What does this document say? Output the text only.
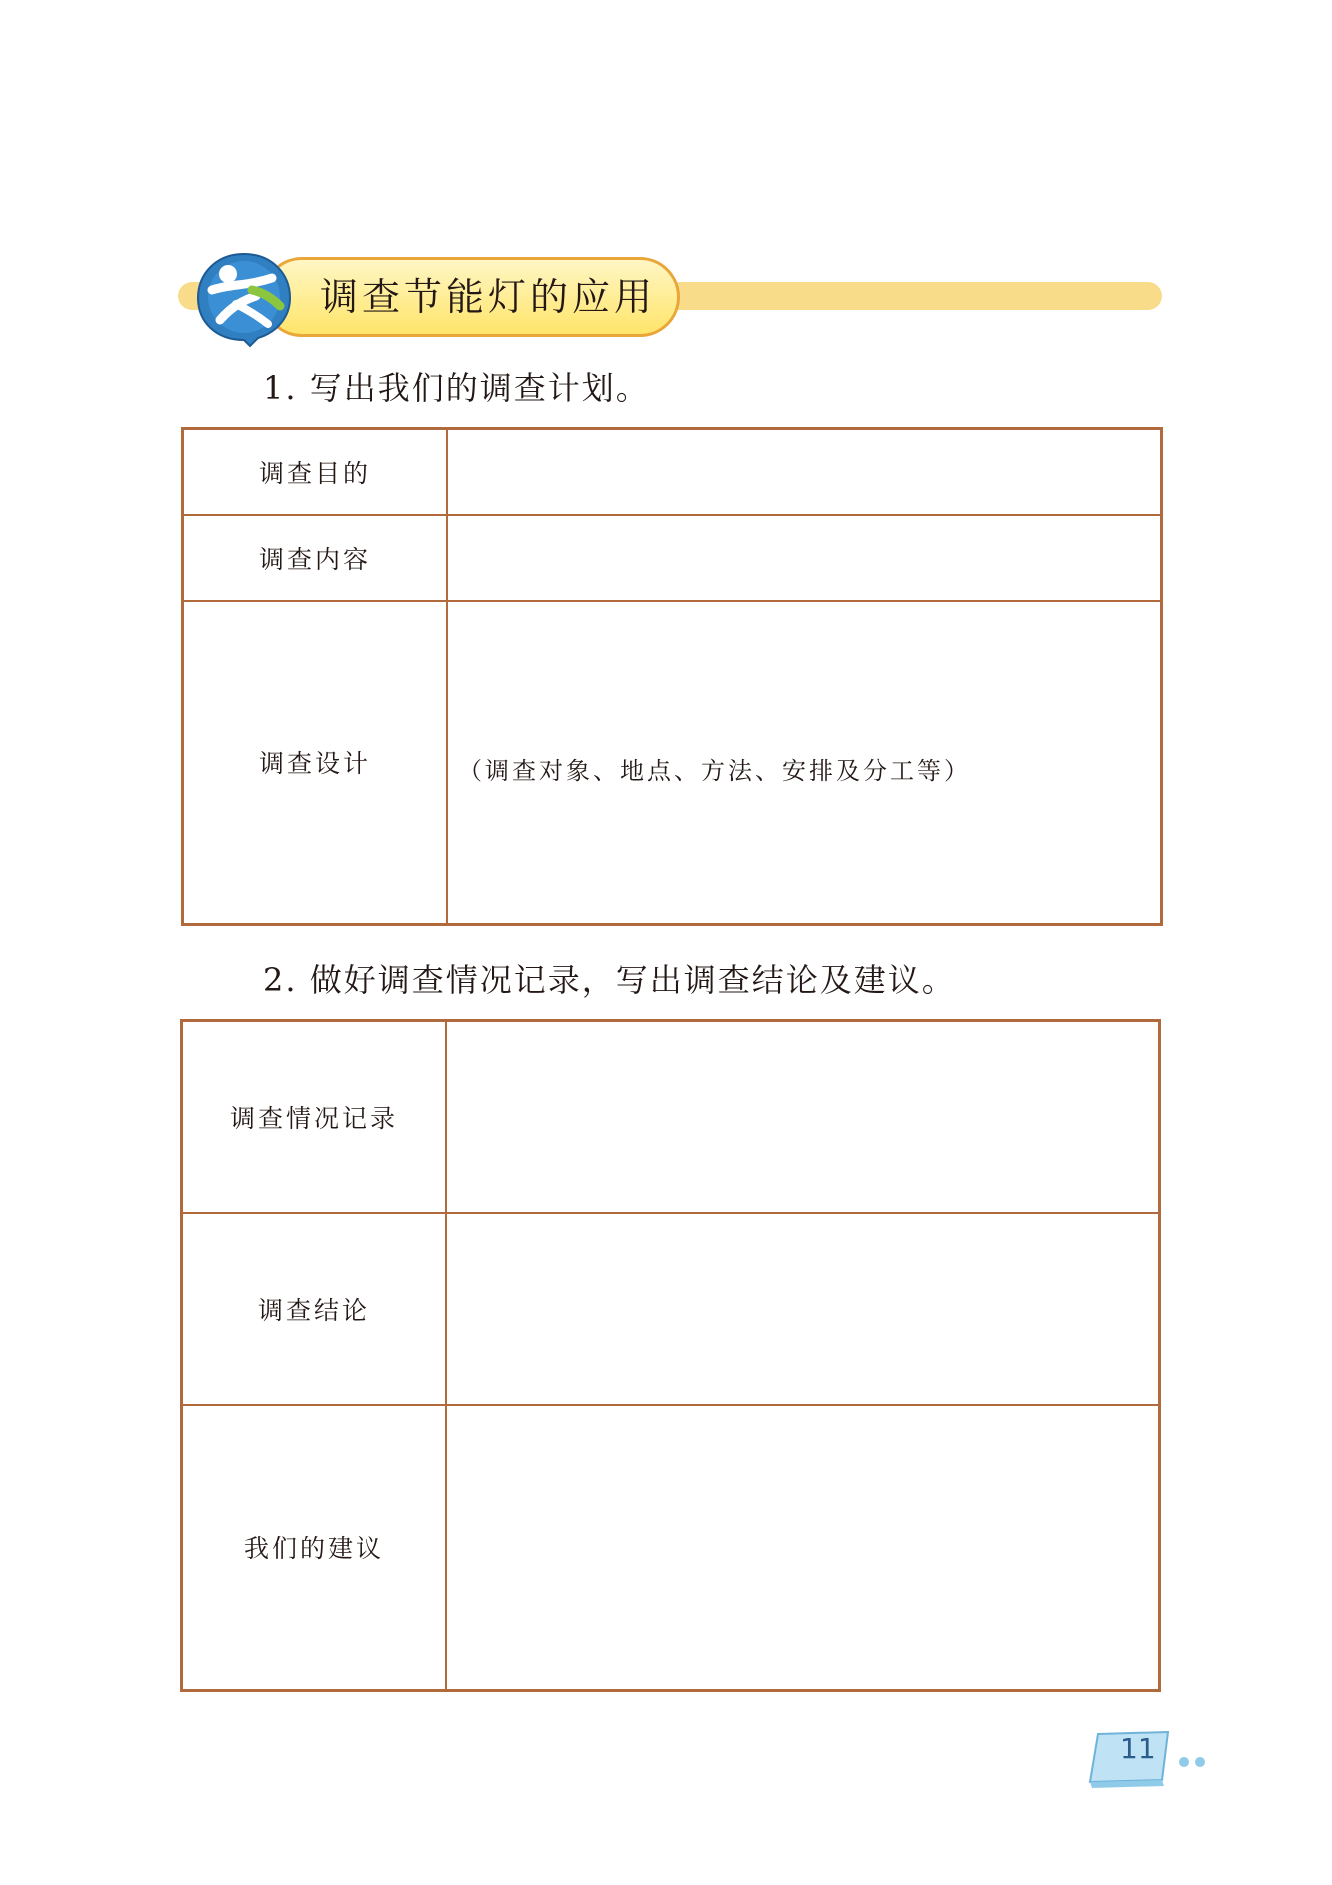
调查节能灯的应用
1. 写出我们的调查计划。
调查目的	
调查内容	
调查设计	（调查对象、地点、方法、安排及分工等）
2. 做好调查情况记录，写出调查结论及建议。
调查情况记录	
调查结论	
我们的建议	
11
